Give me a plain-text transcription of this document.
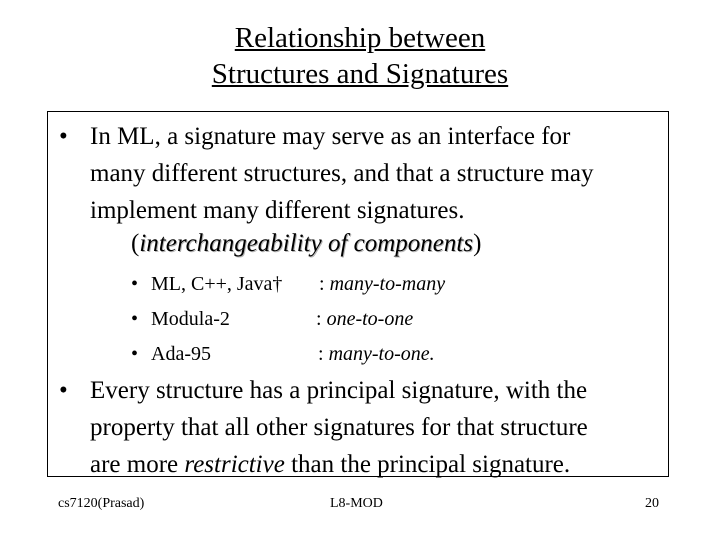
Relationship between
Structures and Signatures
• In ML, a signature may serve as an interface for
many different structures, and that a structure may
implement many different signatures.
(interchangeability of components)
• ML, C++, Java† : many-to-many
• Modula-2	: one-to-one
• Ada-95	: many-to-one.
• Every structure has a principal signature, with the
property that all other signatures for that structure
are more restrictive than the principal signature.
cs7120(Prasad)	L8-MOD	20
